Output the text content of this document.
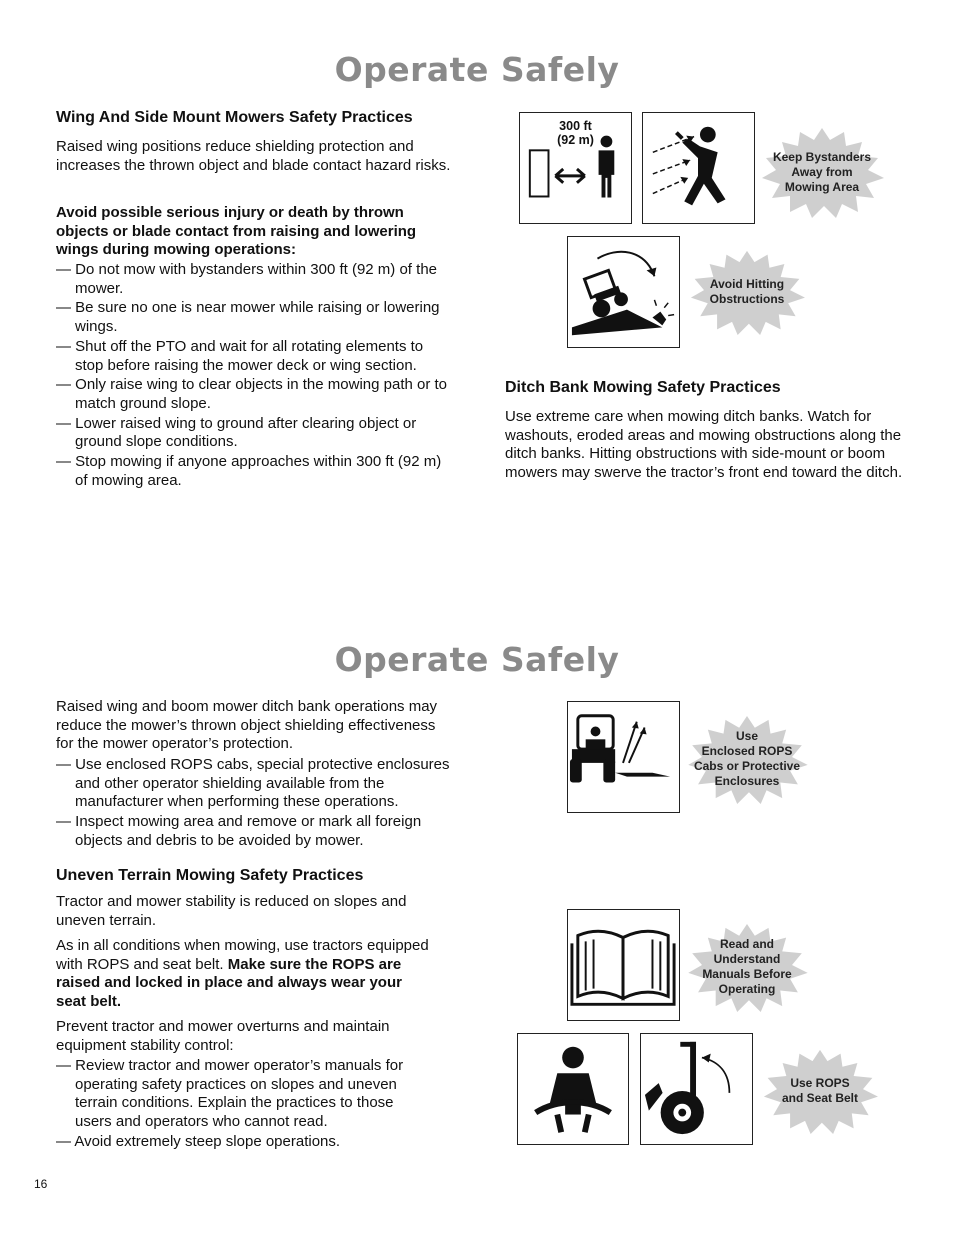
Operate Safely
Operate Safely
Wing And Side Mount Mowers Safety Practices

Raised wing positions reduce shielding protection and increases the thrown object and blade contact hazard risks.

Avoid possible serious injury or death by thrown objects or blade contact from raising and lowering wings during mowing operations:

— Do not mow with bystanders within 300 ft (92 m) of the mower.
— Be sure no one is near mower while raising or lowering wings.
— Shut off the PTO and wait for all rotating elements to stop before raising the mower deck or wing section.
— Only raise wing to clear objects in the mowing path or to match ground slope.
— Lower raised wing to ground after clearing object or ground slope conditions.
— Stop mowing if anyone approaches within 300 ft (92 m) of mowing area.
Ditch Bank Mowing Safety Practices

Use extreme care when mowing ditch banks. Watch for washouts, eroded areas and mowing obstructions along the ditch banks. Hitting obstructions with side-mount or boom mowers may swerve the tractor’s front end toward the ditch.

Raised wing and boom mower ditch bank operations may reduce the mower’s thrown object shielding effectiveness for the mower operator’s protection.

— Use enclosed ROPS cabs, special protective enclosures and other operator shielding available from the manufacturer when performing these operations.
— Inspect mowing area and remove or mark all foreign objects and debris to be avoided by mower.
Uneven Terrain Mowing Safety Practices

Tractor and mower stability is reduced on slopes and uneven terrain.

As in all conditions when mowing, use tractors equipped with ROPS and seat belt. Make sure the ROPS are raised and locked in place and always wear your seat belt.

Prevent tractor and mower overturns and maintain equipment stability control:

— Review tractor and mower operator’s manuals for operating safety practices on slopes and uneven terrain conditions. Explain the practices to those users and operators who cannot read.
— Avoid extremely steep slope operations.
300 ft
(92 m)
Keep Bystanders
Away from
Mowing Area
Avoid Hitting
Obstructions
Use
Enclosed ROPS
Cabs or Protective
Enclosures
Read and
Understand
Manuals Before
Operating
Use ROPS
and Seat Belt
16
